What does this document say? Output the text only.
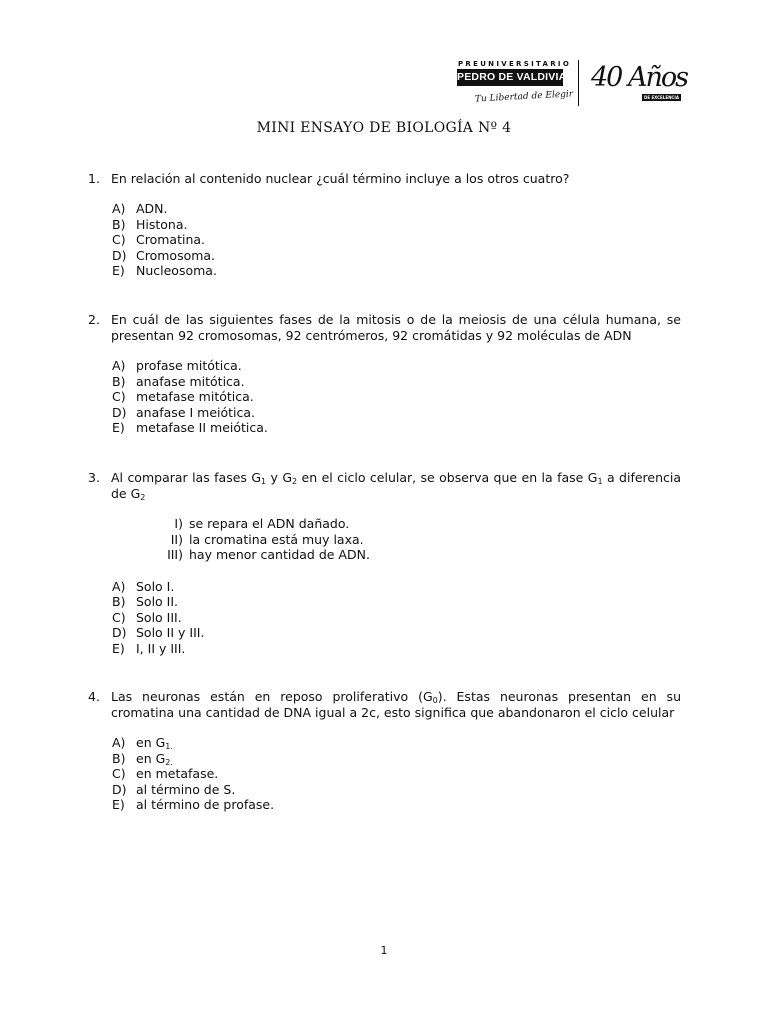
PREUNIVERSITARIO
PEDRO DE VALDIVIA
Tu Libertad de Elegir
40 Años
DE EXCELENCIA
MINI ENSAYO DE BIOLOGÍA Nº 4
1. En relación al contenido nuclear ¿cuál término incluye a los otros cuatro?
A) ADN.
B) Histona.
C) Cromatina.
D) Cromosoma.
E) Nucleosoma.
2. En cuál de las siguientes fases de la mitosis o de la meiosis de una célula humana, se presentan 92 cromosomas, 92 centrómeros, 92 cromátidas y 92 moléculas de ADN
A) profase mitótica.
B) anafase mitótica.
C) metafase mitótica.
D) anafase I meiótica.
E) metafase II meiótica.
3. Al comparar las fases $G_1$ y $G_2$ en el ciclo celular, se observa que en la fase $G_1$ a diferencia de $G_2$
I) se repara el ADN dañado.
II) la cromatina está muy laxa.
III) hay menor cantidad de ADN.
A) Solo I.
B) Solo II.
C) Solo III.
D) Solo II y III.
E) I, II y III.
4. Las neuronas están en reposo proliferativo $(G_0)$. Estas neuronas presentan en su cromatina una cantidad de DNA igual a 2c, esto significa que abandonaron el ciclo celular
A) en $G_{1.}$
B) en $G_{2.}$
C) en metafase.
D) al término de S.
E) al término de profase.
1
